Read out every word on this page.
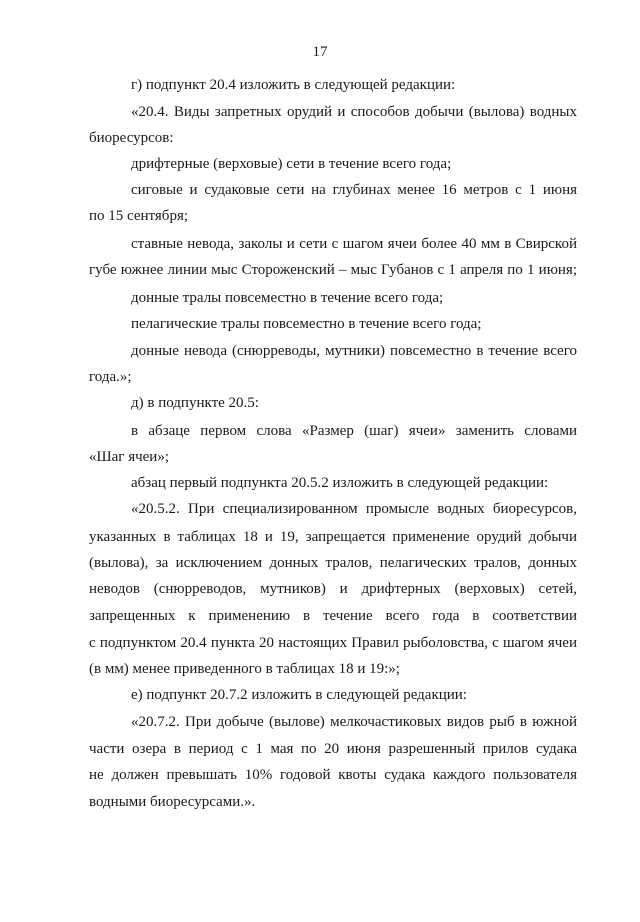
17
г) подпункт 20.4 изложить в следующей редакции:
«20.4. Виды запретных орудий и способов добычи (вылова) водных
биоресурсов:
дрифтерные (верховые) сети в течение всего года;
сиговые и судаковые сети на глубинах менее 16 метров с 1 июня
по 15 сентября;
ставные невода, заколы и сети с шагом ячеи более 40 мм в Свирской
губе южнее линии мыс Стороженский – мыс Губанов с 1 апреля по 1 июня;
донные тралы повсеместно в течение всего года;
пелагические тралы повсеместно в течение всего года;
донные невода (снюрреводы, мутники) повсеместно в течение всего
года.»;
д) в подпункте 20.5:
в абзаце первом слова «Размер (шаг) ячеи» заменить словами
«Шаг ячеи»;
абзац первый подпункта 20.5.2 изложить в следующей редакции:
«20.5.2. При специализированном промысле водных биоресурсов,
указанных в таблицах 18 и 19, запрещается применение орудий добычи
(вылова), за исключением донных тралов, пелагических тралов, донных
неводов (снюрреводов, мутников) и дрифтерных (верховых) сетей,
запрещенных к применению в течение всего года в соответствии
с подпунктом 20.4 пункта 20 настоящих Правил рыболовства, с шагом ячеи
(в мм) менее приведенного в таблицах 18 и 19:»;
е) подпункт 20.7.2 изложить в следующей редакции:
«20.7.2. При добыче (вылове) мелкочастиковых видов рыб в южной
части озера в период с 1 мая по 20 июня разрешенный прилов судака
не должен превышать 10% годовой квоты судака каждого пользователя
водными биоресурсами.».
